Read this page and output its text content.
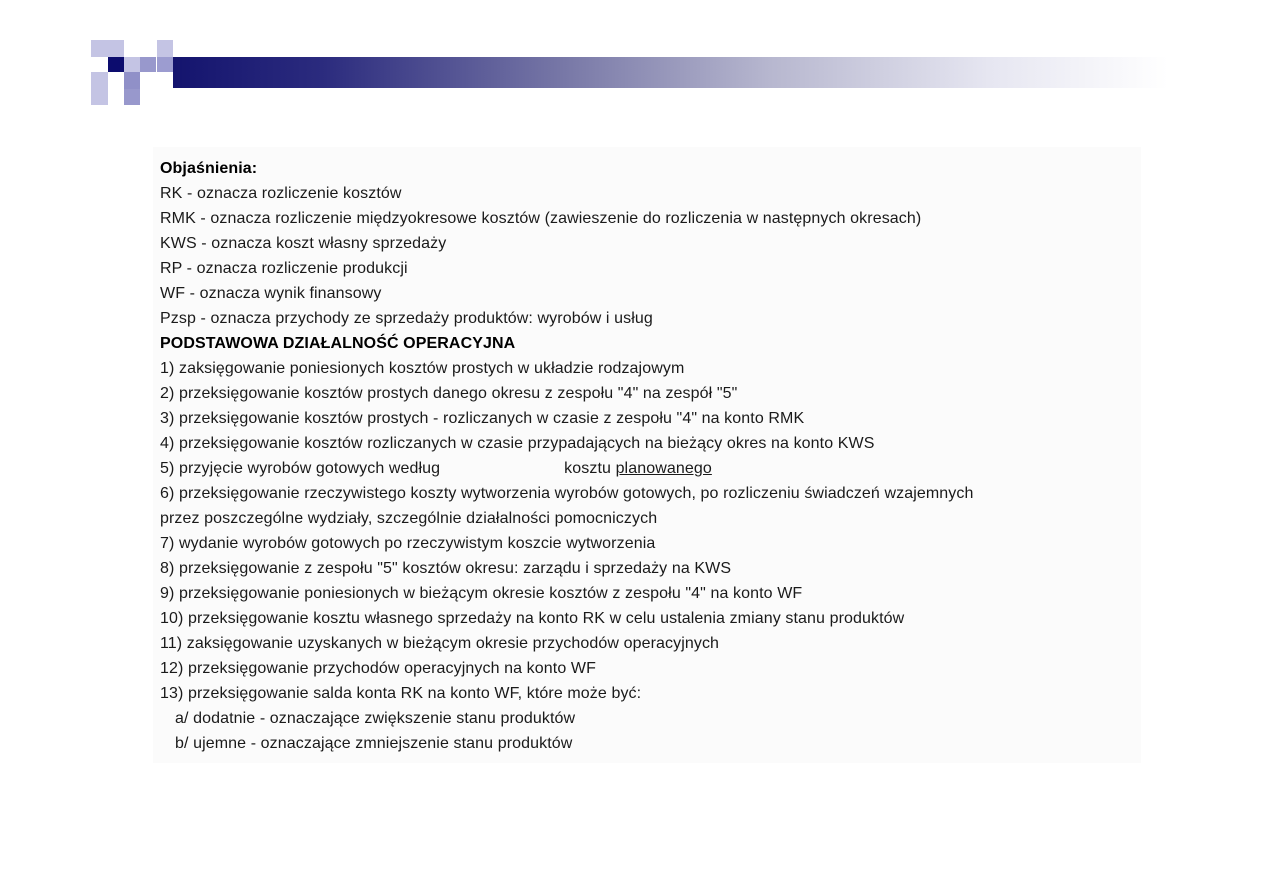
Objaśnienia:
RK - oznacza rozliczenie kosztów
RMK - oznacza rozliczenie międzyokresowe kosztów (zawieszenie do rozliczenia w następnych okresach)
KWS - oznacza koszt własny sprzedaży
RP - oznacza rozliczenie produkcji
WF - oznacza wynik finansowy
Pzsp - oznacza przychody ze sprzedaży produktów: wyrobów i usług
PODSTAWOWA DZIAŁALNOŚĆ OPERACYJNA
1) zaksięgowanie poniesionych kosztów prostych w układzie rodzajowym
2) przeksięgowanie kosztów prostych danego okresu z zespołu "4" na zespół "5"
3) przeksięgowanie kosztów prostych - rozliczanych w czasie z zespołu "4" na konto RMK
4) przeksięgowanie kosztów rozliczanych w czasie przypadających na bieżący okres na konto KWS
5) przyjęcie wyrobów gotowych według	kosztu planowanego
6) przeksięgowanie rzeczywistego koszty wytworzenia wyrobów gotowych, po rozliczeniu świadczeń wzajemnych
przez poszczególne wydziały, szczególnie działalności pomocniczych
7) wydanie wyrobów gotowych po rzeczywistym koszcie wytworzenia
8) przeksięgowanie z zespołu "5" kosztów okresu: zarządu i sprzedaży na KWS
9) przeksięgowanie poniesionych w bieżącym okresie kosztów z zespołu "4" na konto WF
10) przeksięgowanie kosztu własnego sprzedaży na konto RK w celu ustalenia zmiany stanu produktów
11) zaksięgowanie uzyskanych w bieżącym okresie przychodów operacyjnych
12) przeksięgowanie przychodów operacyjnych na konto WF
13) przeksięgowanie salda konta RK na konto WF, które może być:
a/ dodatnie - oznaczające zwiększenie stanu produktów
b/ ujemne - oznaczające zmniejszenie stanu produktów
